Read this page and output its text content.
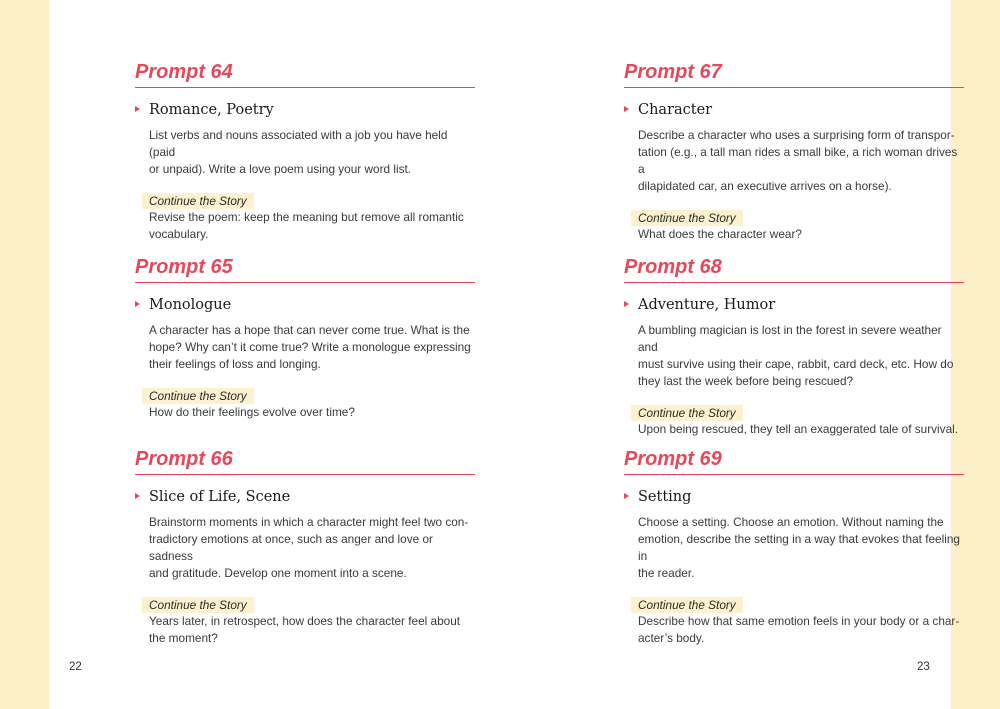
Prompt 64
Romance, Poetry
List verbs and nouns associated with a job you have held (paid
or unpaid). Write a love poem using your word list.
Continue the Story
Revise the poem: keep the meaning but remove all romantic
vocabulary.
Prompt 65
Monologue
A character has a hope that can never come true. What is the
hope? Why can’t it come true? Write a monologue expressing
their feelings of loss and longing.
Continue the Story
How do their feelings evolve over time?
Prompt 66
Slice of Life, Scene
Brainstorm moments in which a character might feel two con-
tradictory emotions at once, such as anger and love or sadness
and gratitude. Develop one moment into a scene.
Continue the Story
Years later, in retrospect, how does the character feel about
the moment?
Prompt 67
Character
Describe a character who uses a surprising form of transpor-
tation (e.g., a tall man rides a small bike, a rich woman drives a
dilapidated car, an executive arrives on a horse).
Continue the Story
What does the character wear?
Prompt 68
Adventure, Humor
A bumbling magician is lost in the forest in severe weather and
must survive using their cape, rabbit, card deck, etc. How do
they last the week before being rescued?
Continue the Story
Upon being rescued, they tell an exaggerated tale of survival.
Prompt 69
Setting
Choose a setting. Choose an emotion. Without naming the
emotion, describe the setting in a way that evokes that feeling in
the reader.
Continue the Story
Describe how that same emotion feels in your body or a char-
acter’s body.
22	23
